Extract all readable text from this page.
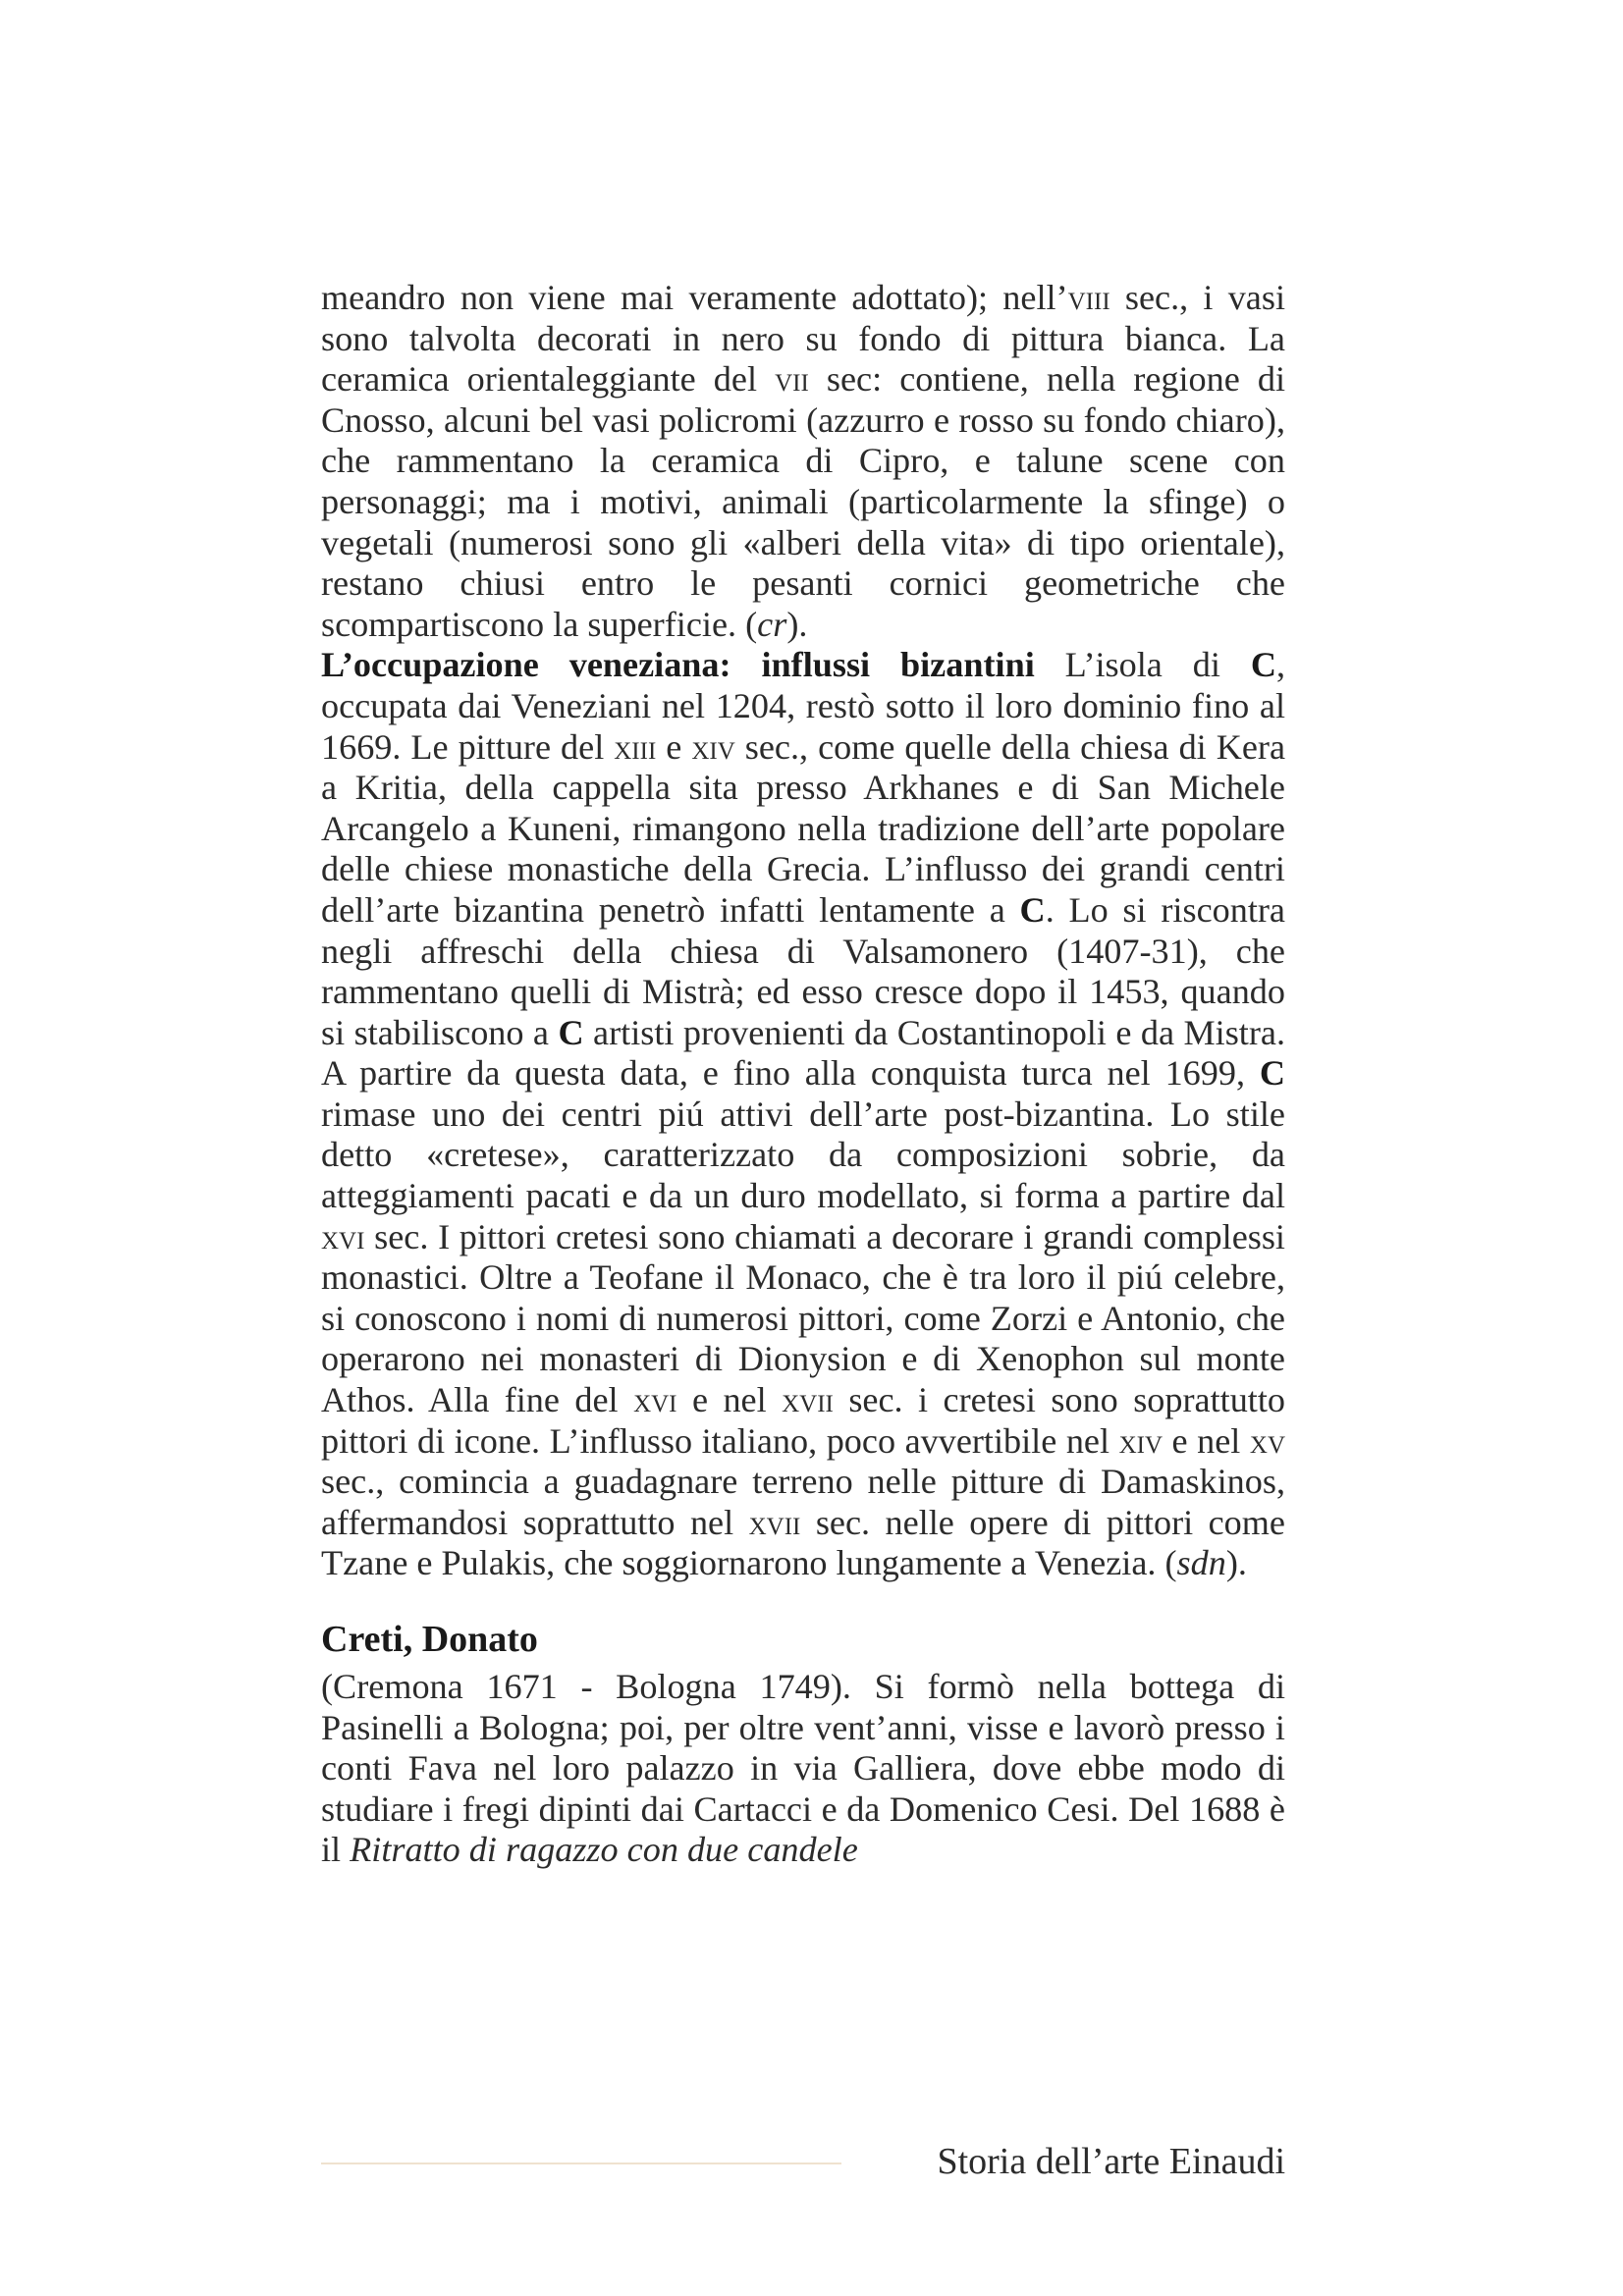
meandro non viene mai veramente adottato); nell’viii sec., i vasi sono talvolta decorati in nero su fondo di pittura bianca. La ceramica orientaleggiante del vii sec: contiene, nella regione di Cnosso, alcuni bel vasi policromi (azzurro e rosso su fondo chiaro), che rammentano la ceramica di Cipro, e talune scene con personaggi; ma i motivi, animali (particolarmente la sfinge) o vegetali (numerosi sono gli «alberi della vita» di tipo orientale), restano chiusi entro le pesanti cornici geometriche che scompartiscono la superficie. (cr).

L’occupazione veneziana: influssi bizantini L’isola di C, occupata dai Veneziani nel 1204, restò sotto il loro dominio fino al 1669. Le pitture del xiii e xiv sec., come quelle della chiesa di Kera a Kritia, della cappella sita presso Arkhanes e di San Michele Arcangelo a Kuneni, rimangono nella tradizione dell’arte popolare delle chiese monastiche della Grecia. L’influsso dei grandi centri dell’arte bizantina penetrò infatti lentamente a C. Lo si riscontra negli affreschi della chiesa di Valsamonero (1407-31), che rammentano quelli di Mistrà; ed esso cresce dopo il 1453, quando si stabiliscono a C artisti provenienti da Costantinopoli e da Mistra. A partire da questa data, e fino alla conquista turca nel 1699, C rimase uno dei centri piú attivi dell’arte post-bizantina. Lo stile detto «cretese», caratterizzato da composizioni sobrie, da atteggiamenti pacati e da un duro modellato, si forma a partire dal xvi sec. I pittori cretesi sono chiamati a decorare i grandi complessi monastici. Oltre a Teofane il Monaco, che è tra loro il piú celebre, si conoscono i nomi di numerosi pittori, come Zorzi e Antonio, che operarono nei monasteri di Dionysion e di Xenophon sul monte Athos. Alla fine del xvi e nel xvii sec. i cretesi sono soprattutto pittori di icone. L’influsso italiano, poco avvertibile nel xiv e nel xv sec., comincia a guadagnare terreno nelle pitture di Damaskinos, affermandosi soprattutto nel xvii sec. nelle opere di pittori come Tzane e Pulakis, che soggiornarono lungamente a Venezia. (sdn).

Creti, Donato

(Cremona 1671 - Bologna 1749). Si formò nella bottega di Pasinelli a Bologna; poi, per oltre vent’anni, visse e lavorò presso i conti Fava nel loro palazzo in via Galliera, dove ebbe modo di studiare i fregi dipinti dai Cartacci e da Domenico Cesi. Del 1688 è il Ritratto di ragazzo con due candele

Storia dell’arte Einaudi
